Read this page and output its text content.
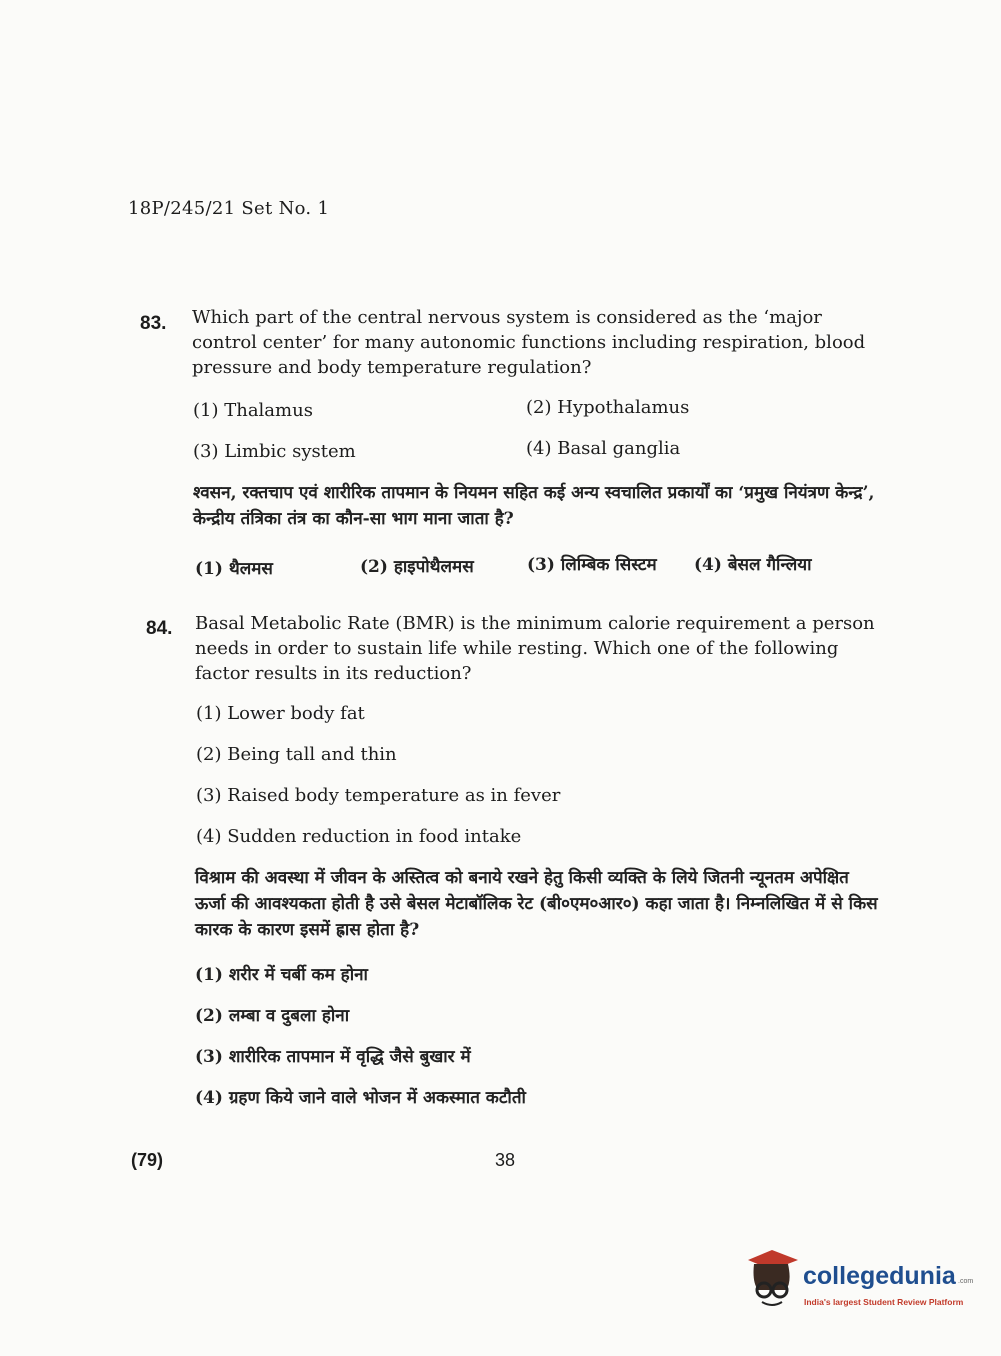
18P/245/21 Set No. 1
83. Which part of the central nervous system is considered as the ‘major control center’ for many autonomic functions including respiration, blood pressure and body temperature regulation?
(1) Thalamus	(2) Hypothalamus
(3) Limbic system	(4) Basal ganglia
श्वसन, रक्तचाप एवं शारीरिक तापमान के नियमन सहित कई अन्य स्वचालित प्रकार्यों का ‘प्रमुख नियंत्रण केन्द्र’, केन्द्रीय तंत्रिका तंत्र का कौन-सा भाग माना जाता है?
(1) थैलमस	(2) हाइपोथैलमस	(3) लिम्बिक सिस्टम (4) बेसल गैन्लिया
84. Basal Metabolic Rate (BMR) is the minimum calorie requirement a person needs in order to sustain life while resting. Which one of the following factor results in its reduction?
(1) Lower body fat
(2) Being tall and thin
(3) Raised body temperature as in fever
(4) Sudden reduction in food intake
विश्राम की अवस्था में जीवन के अस्तित्व को बनाये रखने हेतु किसी व्यक्ति के लिये जितनी न्यूनतम अपेक्षित ऊर्जा की आवश्यकता होती है उसे बेसल मेटाबॉलिक रेट (बी०एम०आर०) कहा जाता है। निम्नलिखित में से किस कारक के कारण इसमें ह्रास होता है?
(1) शरीर में चर्बी कम होना
(2) लम्बा व दुबला होना
(3) शारीरिक तापमान में वृद्धि जैसे बुखार में
(4) ग्रहण किये जाने वाले भोजन में अकस्मात कटौती
(79)	38
collegedunia .com
India's largest Student Review Platform
